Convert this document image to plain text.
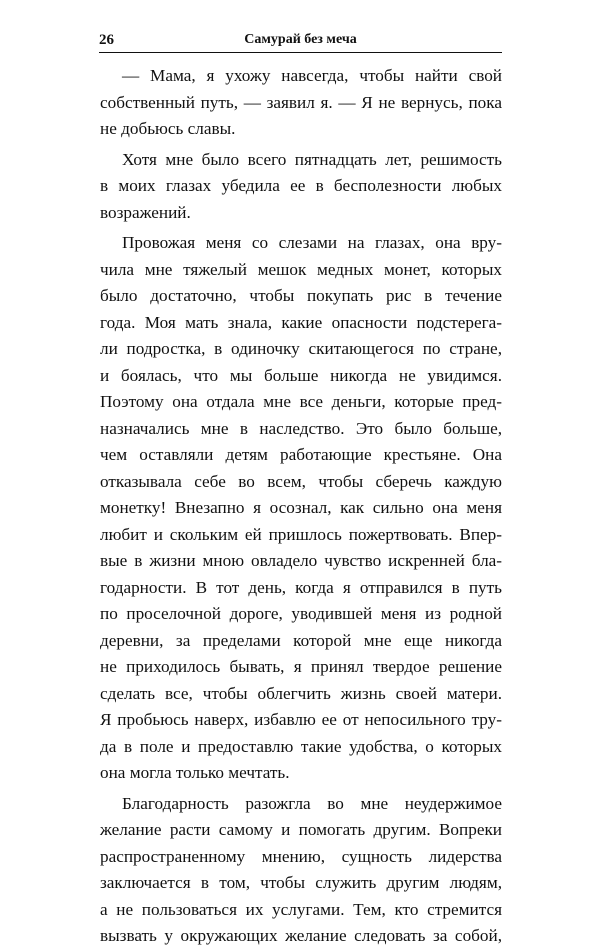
26	Самурай без меча
— Мама, я ухожу навсегда, чтобы найти свой
собственный путь, — заявил я. — Я не вернусь, пока
не добьюсь славы.
Хотя мне было всего пятнадцать лет, решимость
в моих глазах убедила ее в бесполезности любых
возражений.
Провожая меня со слезами на глазах, она вру-
чила мне тяжелый мешок медных монет, которых
было достаточно, чтобы покупать рис в течение
года. Моя мать знала, какие опасности подстерега-
ли подростка, в одиночку скитающегося по стране,
и боялась, что мы больше никогда не увидимся.
Поэтому она отдала мне все деньги, которые пред-
назначались мне в наследство. Это было больше,
чем оставляли детям работающие крестьяне. Она
отказывала себе во всем, чтобы сберечь каждую
монетку! Внезапно я осознал, как сильно она меня
любит и скольким ей пришлось пожертвовать. Впер-
вые в жизни мною овладело чувство искренней бла-
годарности. В тот день, когда я отправился в путь
по проселочной дороге, уводившей меня из родной
деревни, за пределами которой мне еще никогда
не приходилось бывать, я принял твердое решение
сделать все, чтобы облегчить жизнь своей матери.
Я пробьюсь наверх, избавлю ее от непосильного тру-
да в поле и предоставлю такие удобства, о которых
она могла только мечтать.
Благодарность разожгла во мне неудержимое
желание расти самому и помогать другим. Вопреки
распространенному мнению, сущность лидерства
заключается в том, чтобы служить другим людям,
а не пользоваться их услугами. Тем, кто стремится
вызвать у окружающих желание следовать за собой,
